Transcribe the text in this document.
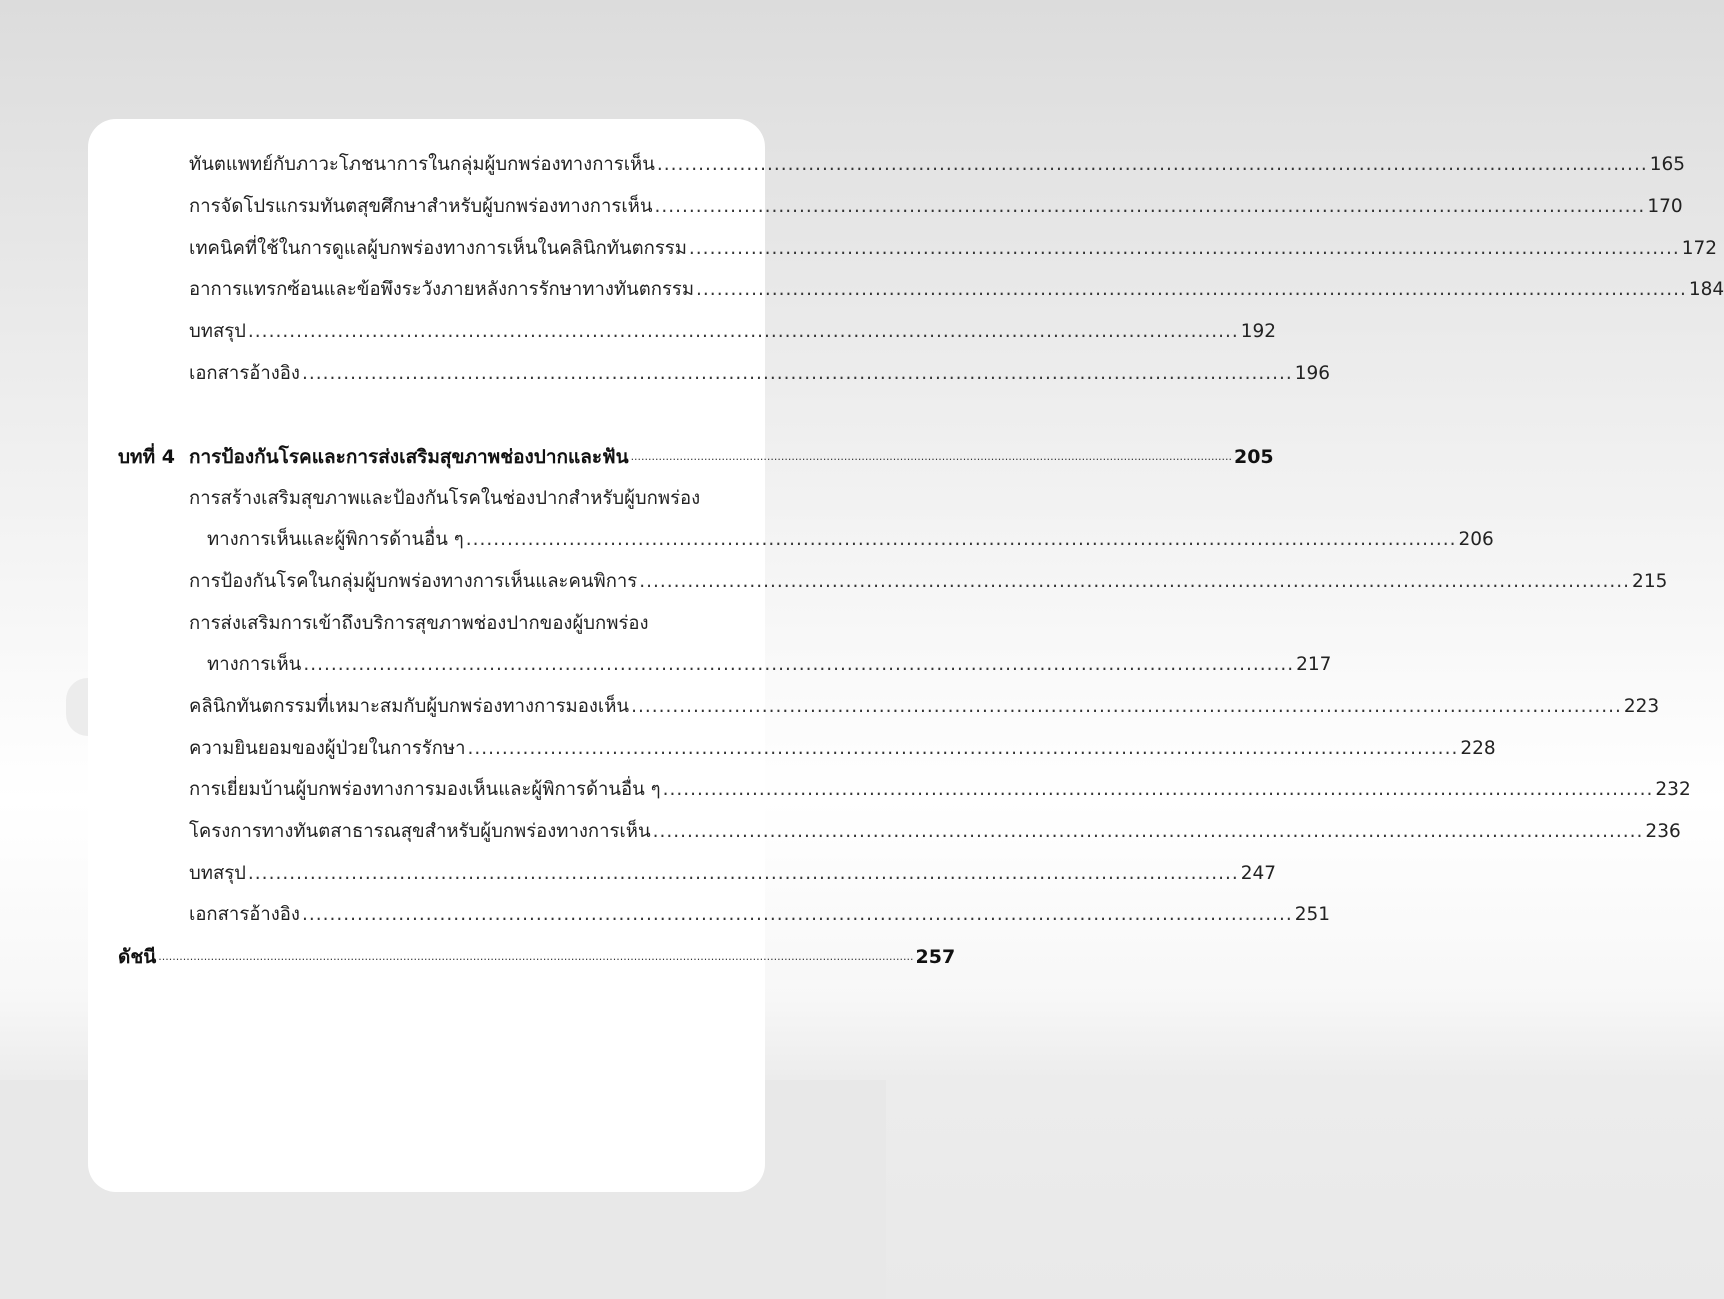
ทันตแพทย์กับภาวะโภชนาการในกลุ่มผู้บกพร่องทางการเห็น ................................................................................................................................................ 165
การจัดโปรแกรมทันตสุขศึกษาสำหรับผู้บกพร่องทางการเห็น ................................................................................................................................................ 170
เทคนิคที่ใช้ในการดูแลผู้บกพร่องทางการเห็นในคลินิกทันตกรรม ................................................................................................................................................ 172
อาการแทรกซ้อนและข้อพึงระวังภายหลังการรักษาทางทันตกรรม ................................................................................................................................................ 184
บทสรุป ................................................................................................................................................ 192
เอกสารอ้างอิง ................................................................................................................................................ 196
บทที่ 4 การป้องกันโรคและการส่งเสริมสุขภาพช่องปากและฟัน ............................................................................................................................................................................ 205
การสร้างเสริมสุขภาพและป้องกันโรคในช่องปากสำหรับผู้บกพร่อง
ทางการเห็นและผู้พิการด้านอื่น ๆ ................................................................................................................................................ 206
การป้องกันโรคในกลุ่มผู้บกพร่องทางการเห็นและคนพิการ ................................................................................................................................................ 215
การส่งเสริมการเข้าถึงบริการสุขภาพช่องปากของผู้บกพร่อง
ทางการเห็น ................................................................................................................................................ 217
คลินิกทันตกรรมที่เหมาะสมกับผู้บกพร่องทางการมองเห็น ................................................................................................................................................ 223
ความยินยอมของผู้ป่วยในการรักษา ................................................................................................................................................ 228
การเยี่ยมบ้านผู้บกพร่องทางการมองเห็นและผู้พิการด้านอื่น ๆ ................................................................................................................................................ 232
โครงการทางทันตสาธารณสุขสำหรับผู้บกพร่องทางการเห็น ................................................................................................................................................ 236
บทสรุป ................................................................................................................................................ 247
เอกสารอ้างอิง ................................................................................................................................................ 251
ดัชนี ........................................................................................................................................................................................................................ 257
